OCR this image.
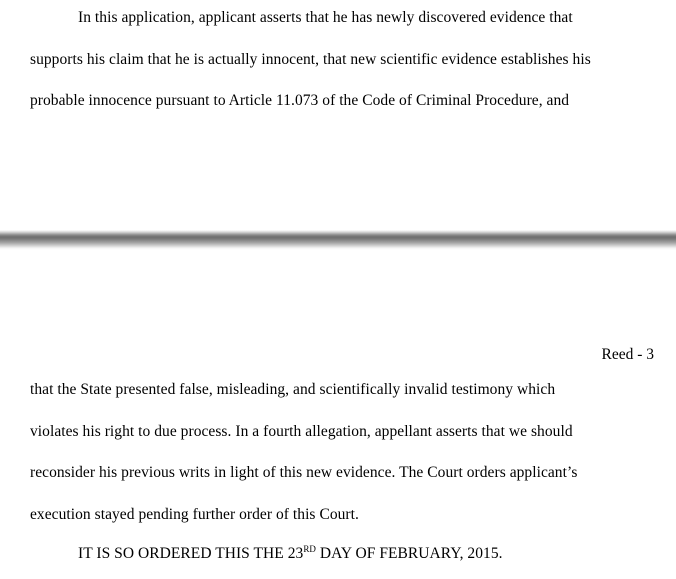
In this application, applicant asserts that he has newly discovered evidence that
supports his claim that he is actually innocent, that new scientific evidence establishes his
probable innocence pursuant to Article 11.073 of the Code of Criminal Procedure, and
Reed - 3
that the State presented false, misleading, and scientifically invalid testimony which
violates his right to due process. In a fourth allegation, appellant asserts that we should
reconsider his previous writs in light of this new evidence. The Court orders applicant’s
execution stayed pending further order of this Court.
IT IS SO ORDERED THIS THE 23RD DAY OF FEBRUARY, 2015.
